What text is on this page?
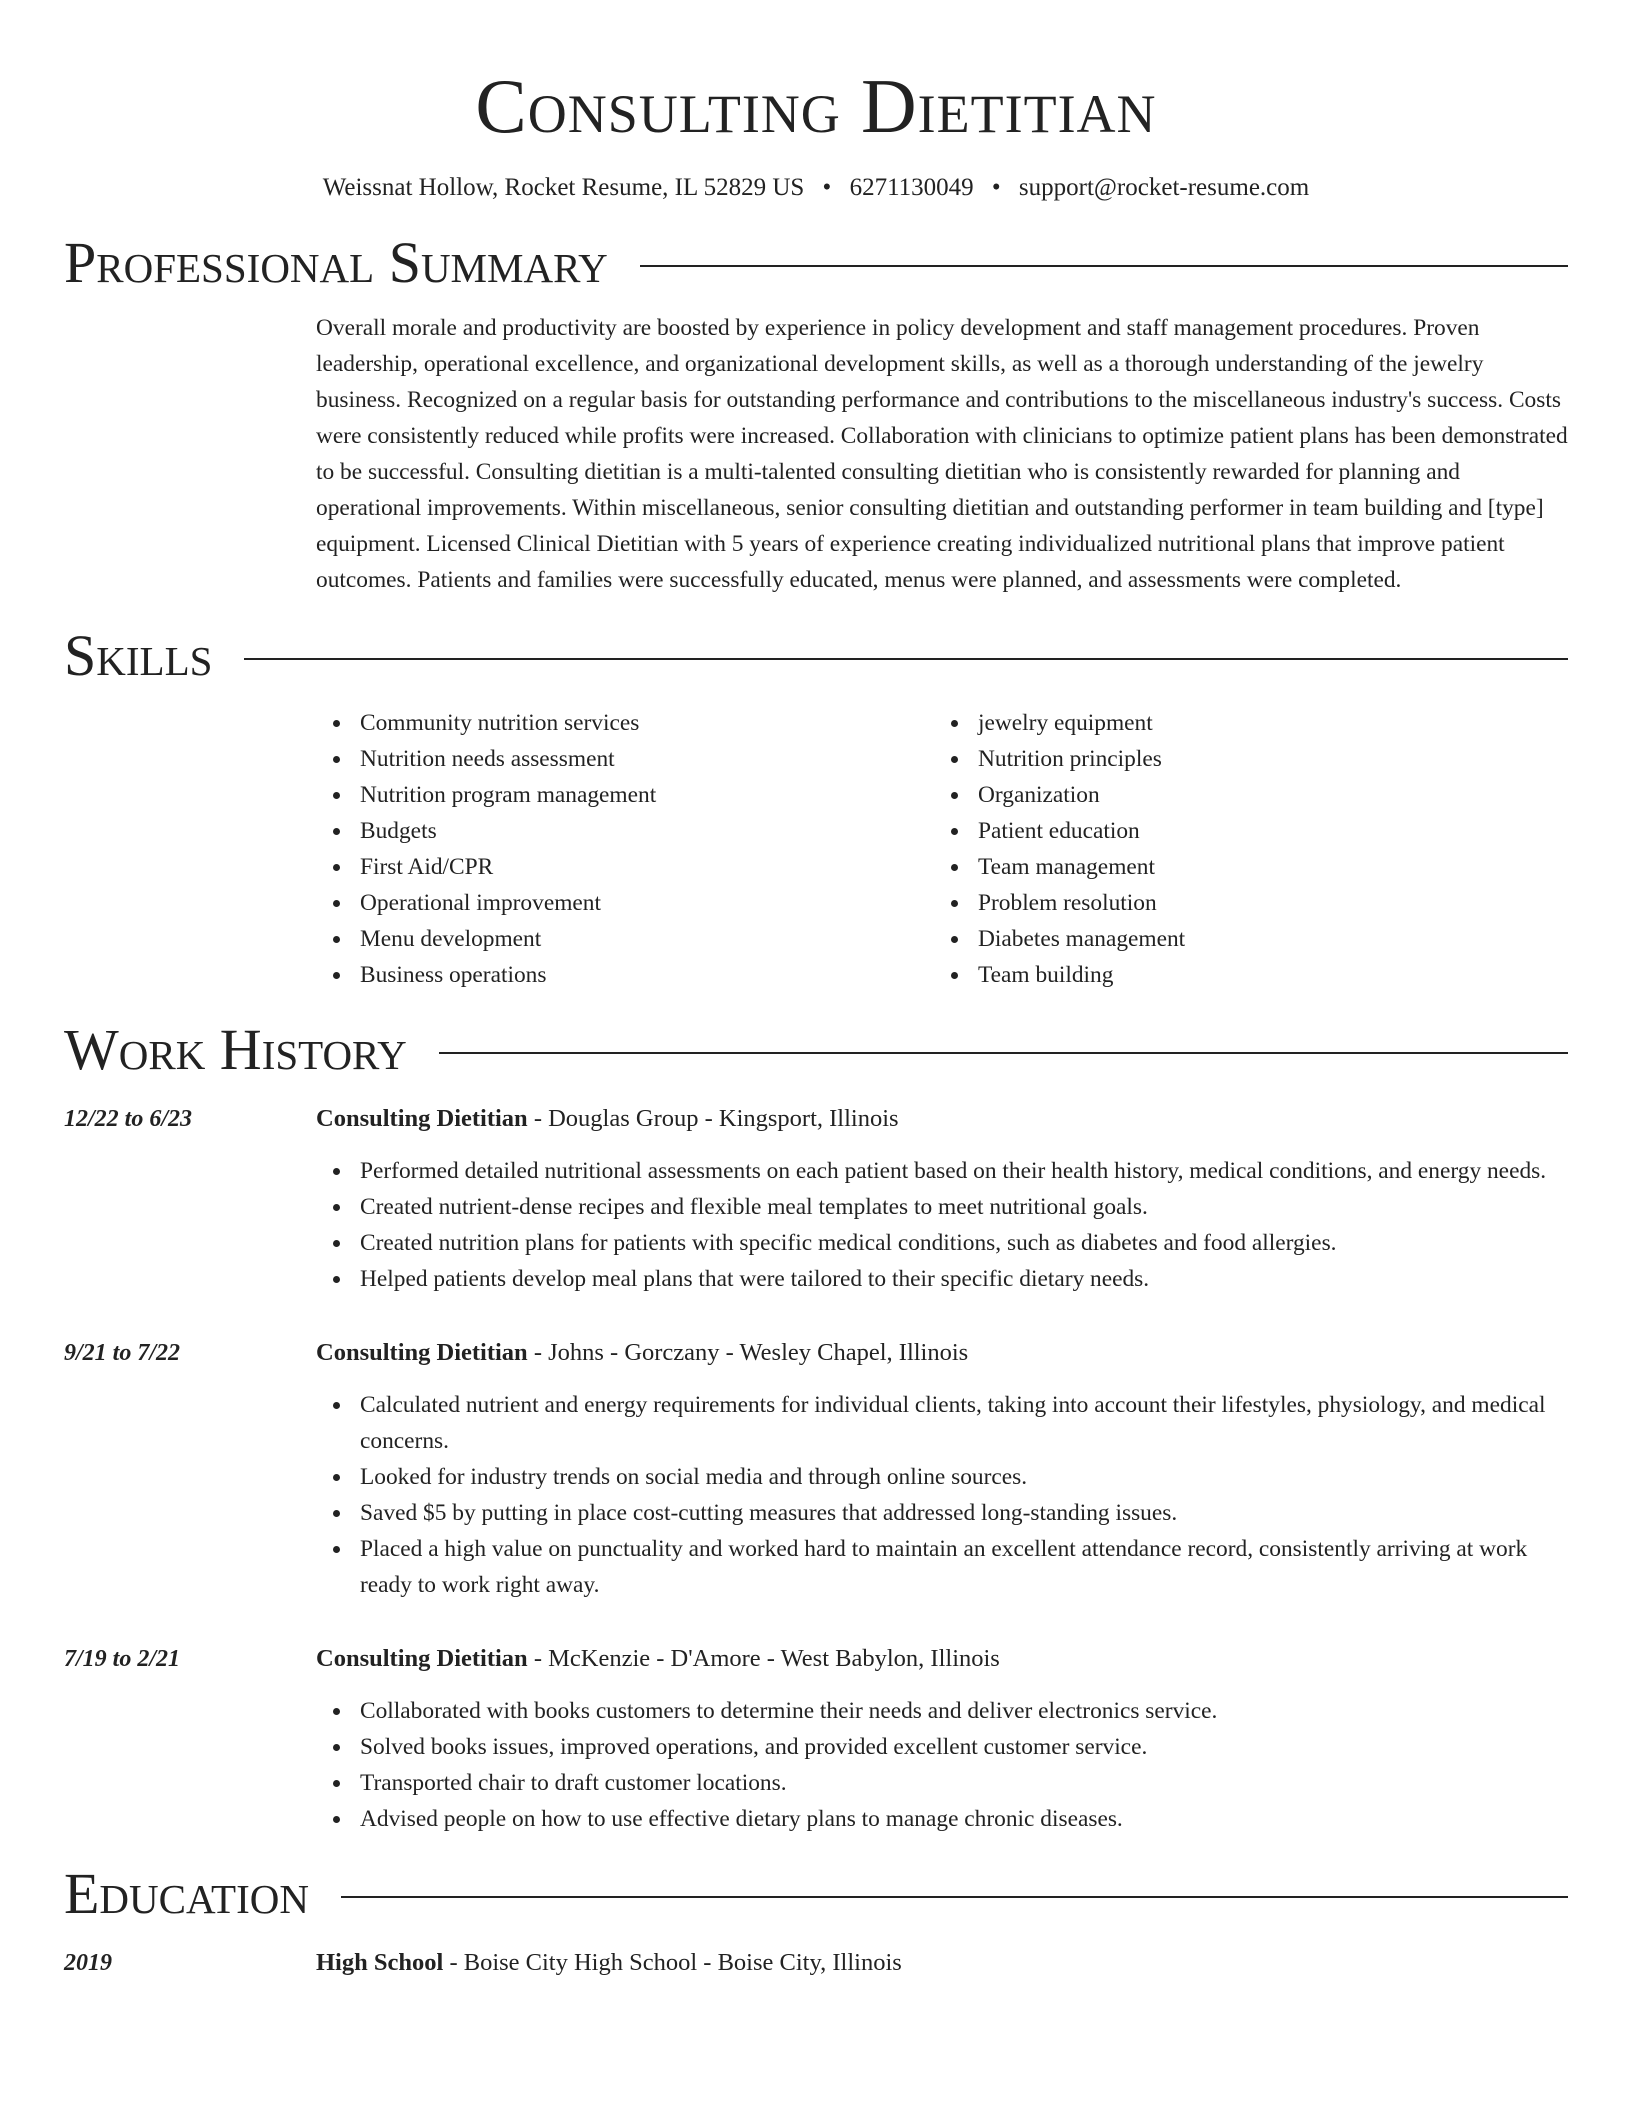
Consulting Dietitian
Weissnat Hollow, Rocket Resume, IL 52829 US • 6271130049 • support@rocket-resume.com
Professional Summary

Overall morale and productivity are boosted by experience in policy development and staff management procedures. Proven leadership, operational excellence, and organizational development skills, as well as a thorough understanding of the jewelry business. Recognized on a regular basis for outstanding performance and contributions to the miscellaneous industry's success. Costs were consistently reduced while profits were increased. Collaboration with clinicians to optimize patient plans has been demonstrated to be successful. Consulting dietitian is a multi-talented consulting dietitian who is consistently rewarded for planning and operational improvements. Within miscellaneous, senior consulting dietitian and outstanding performer in team building and [type] equipment. Licensed Clinical Dietitian with 5 years of experience creating individualized nutritional plans that improve patient outcomes. Patients and families were successfully educated, menus were planned, and assessments were completed.

Skills
Community nutrition services
Nutrition needs assessment
Nutrition program management
Budgets
First Aid/CPR
Operational improvement
Menu development
Business operations
jewelry equipment
Nutrition principles
Organization
Patient education
Team management
Problem resolution
Diabetes management
Team building
Work History
12/22 to 6/23	Consulting Dietitian - Douglas Group - Kingsport, Illinois
Performed detailed nutritional assessments on each patient based on their health history, medical conditions, and energy needs.
Created nutrient-dense recipes and flexible meal templates to meet nutritional goals.
Created nutrition plans for patients with specific medical conditions, such as diabetes and food allergies.
Helped patients develop meal plans that were tailored to their specific dietary needs.
9/21 to 7/22	Consulting Dietitian - Johns - Gorczany - Wesley Chapel, Illinois
Calculated nutrient and energy requirements for individual clients, taking into account their lifestyles, physiology, and medical concerns.
Looked for industry trends on social media and through online sources.
Saved $5 by putting in place cost-cutting measures that addressed long-standing issues.
Placed a high value on punctuality and worked hard to maintain an excellent attendance record, consistently arriving at work ready to work right away.
7/19 to 2/21	Consulting Dietitian - McKenzie - D'Amore - West Babylon, Illinois
Collaborated with books customers to determine their needs and deliver electronics service.
Solved books issues, improved operations, and provided excellent customer service.
Transported chair to draft customer locations.
Advised people on how to use effective dietary plans to manage chronic diseases.
Education
2019	High School - Boise City High School - Boise City, Illinois
